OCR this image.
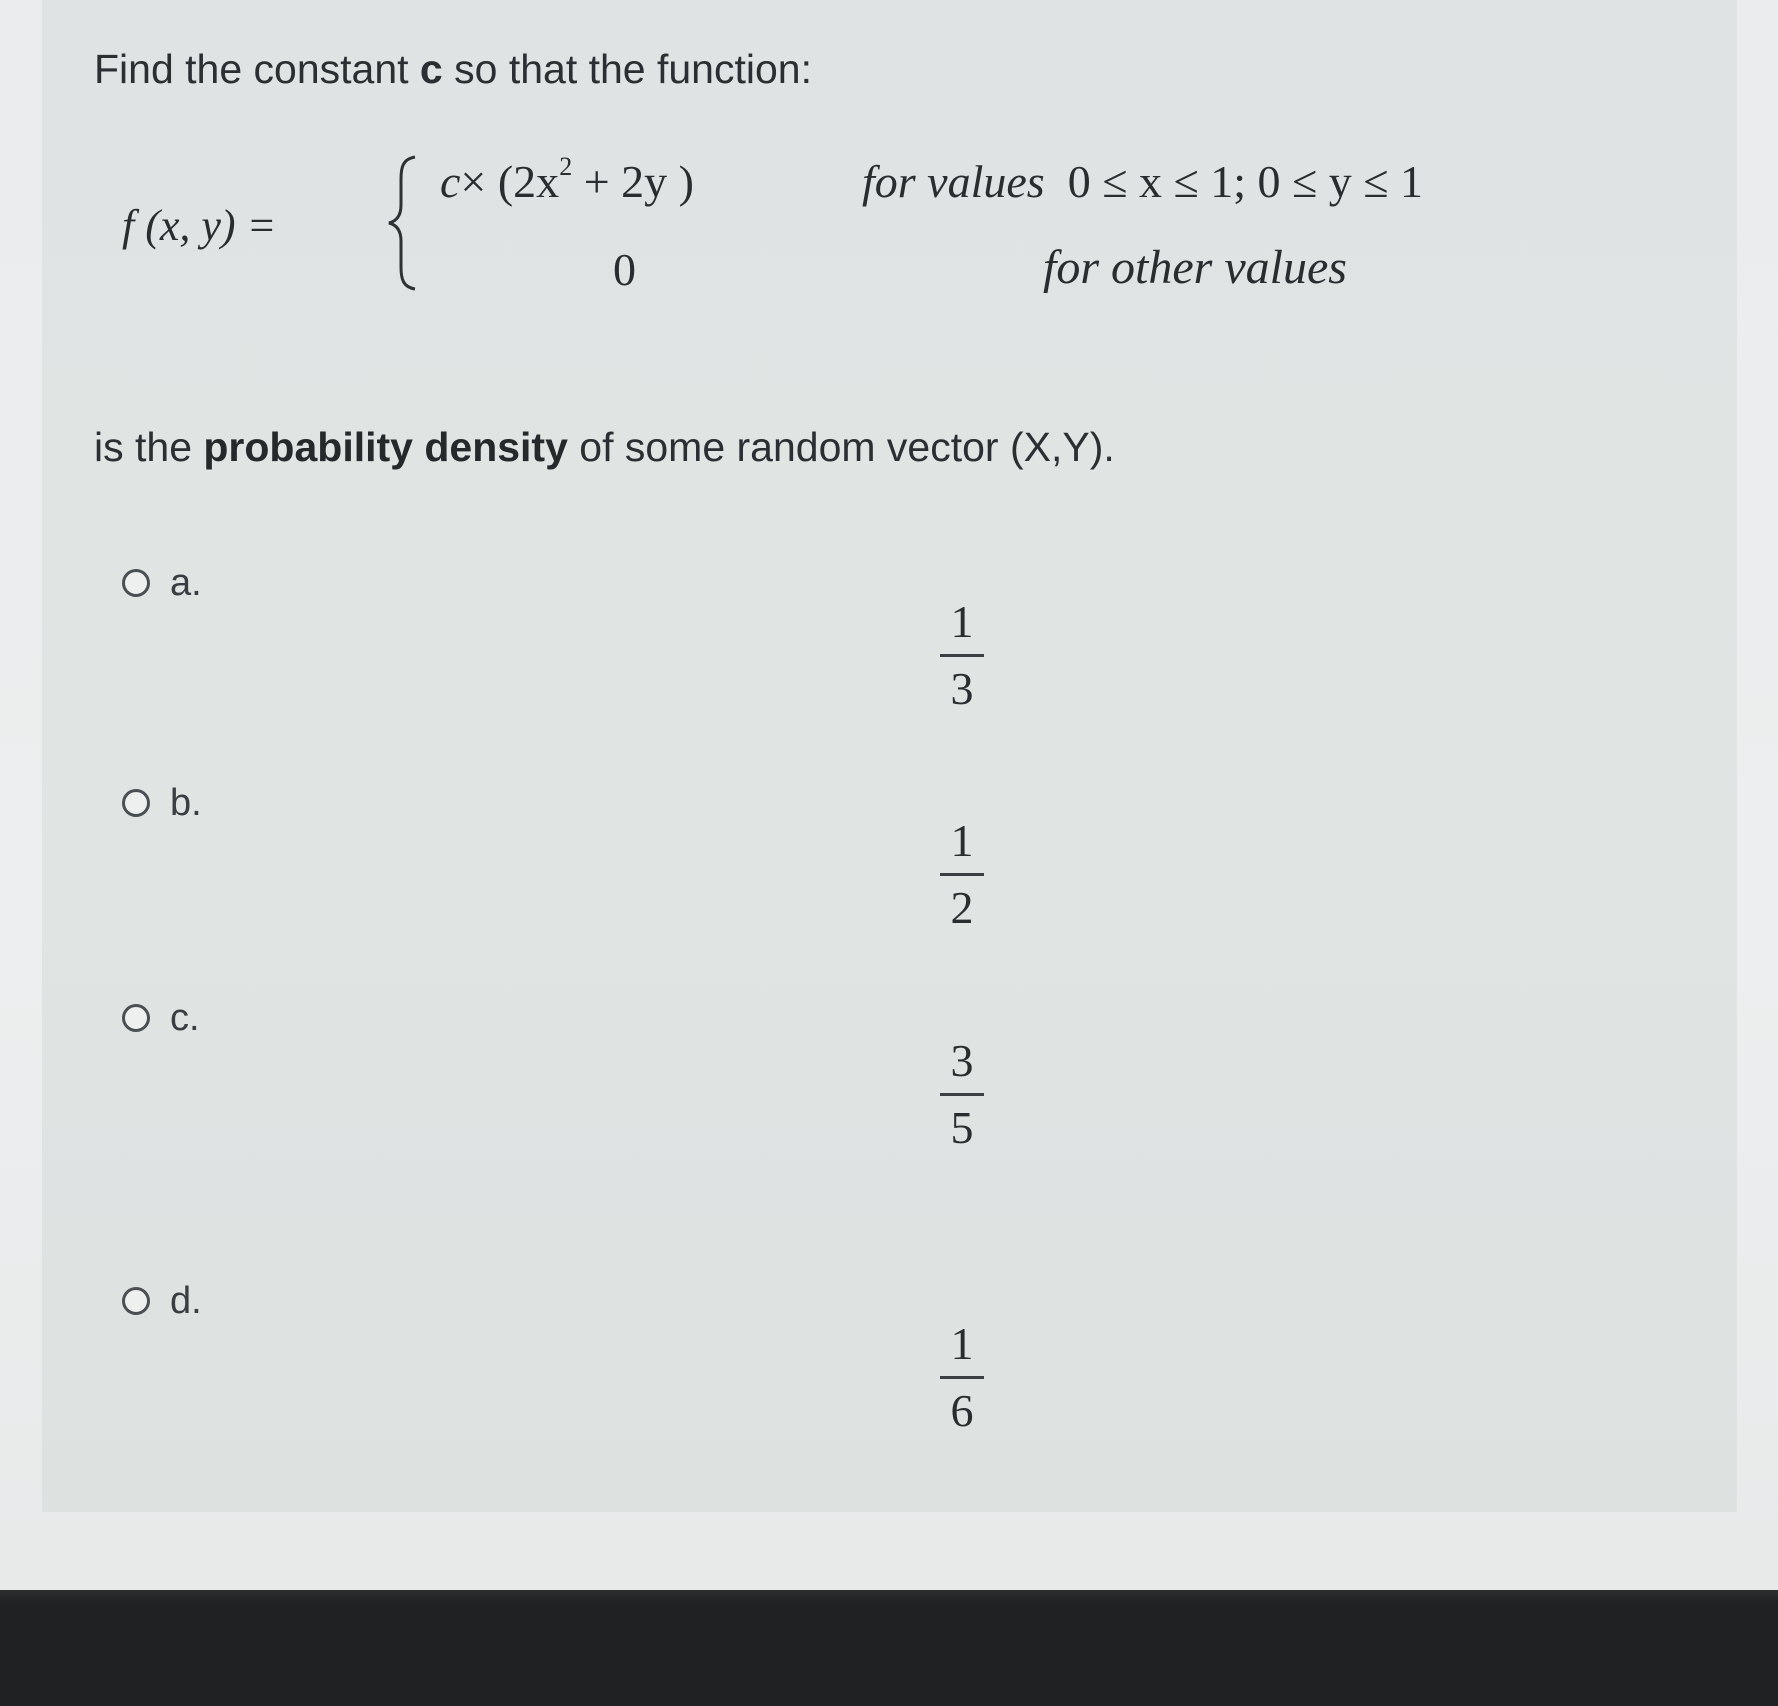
Find the constant c so that the function:
f (x, y) =
$c\times (2x^2 + 2y$ )	for values 0 ≤ x ≤ 1; 0 ≤ y ≤ 1
0	for other values
is the probability density of some random vector (X,Y).
a.
1
3
b.
1
2
c.
3
5
d.
1
6
